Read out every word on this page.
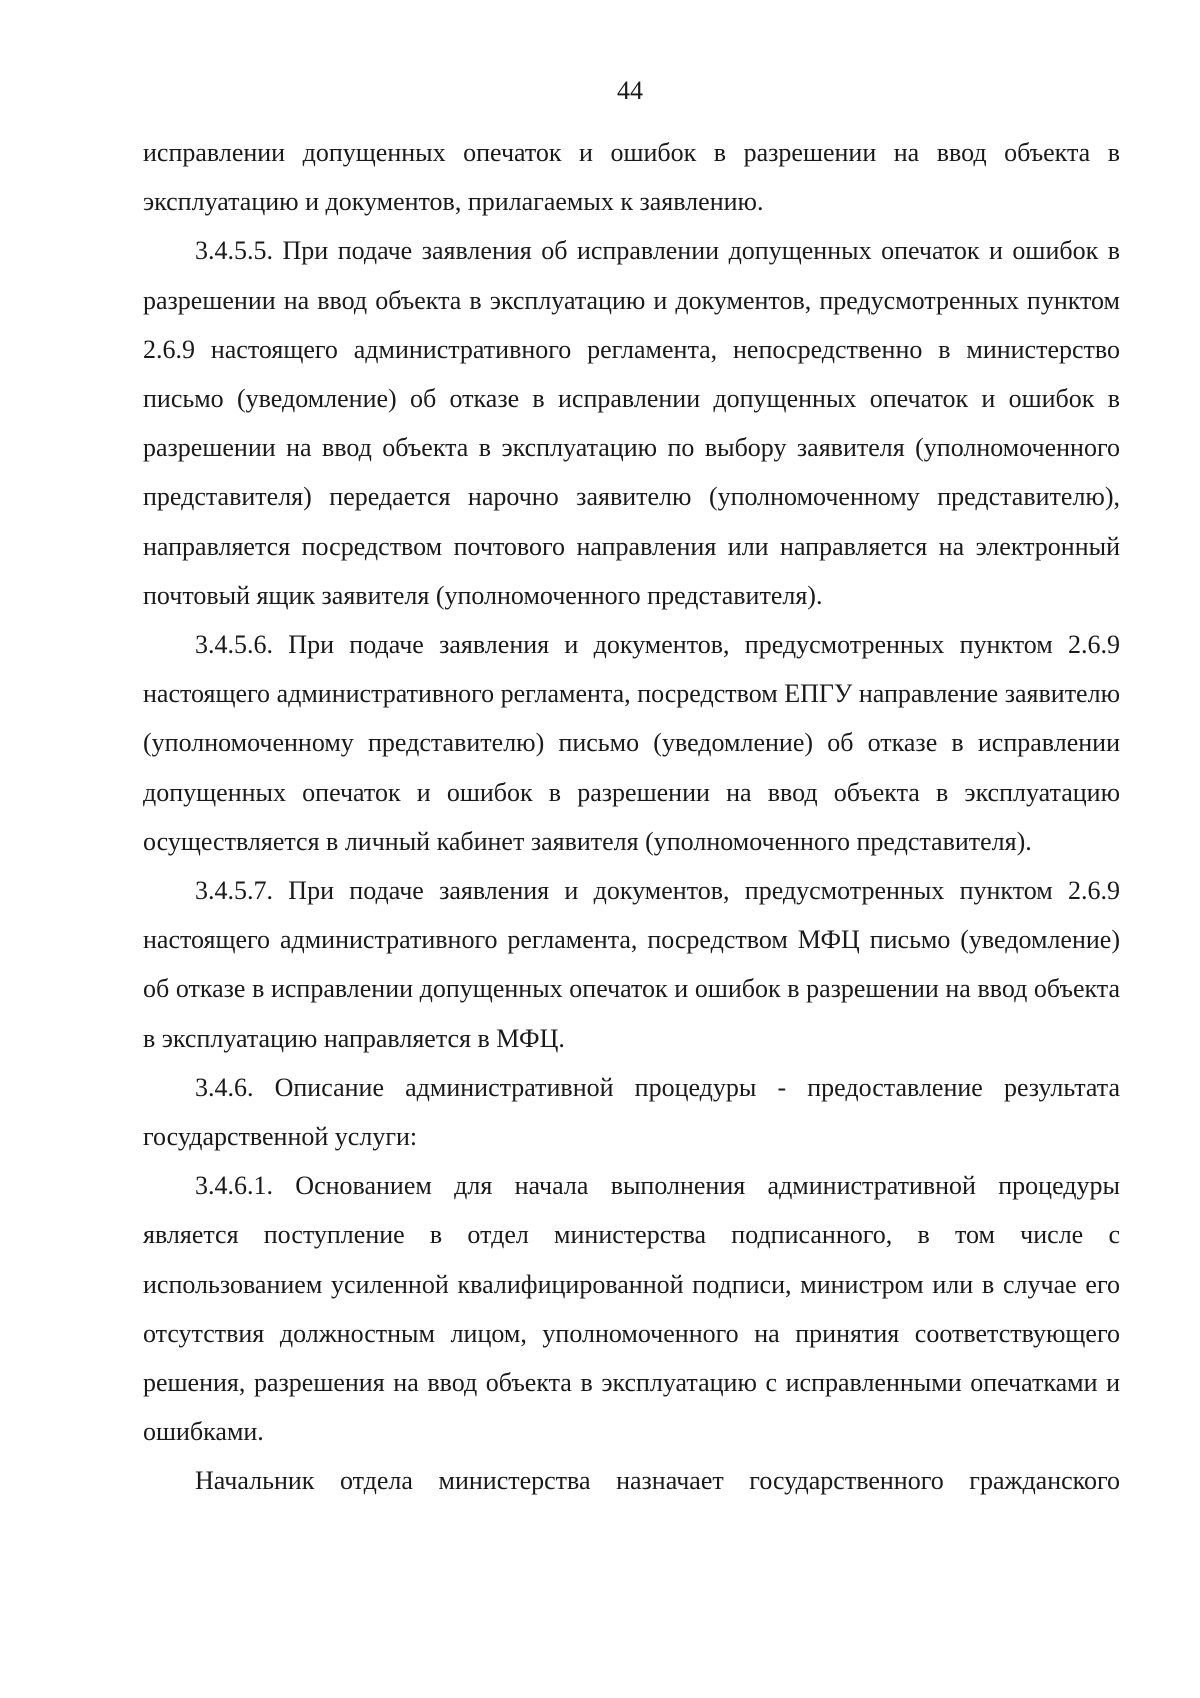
44

исправлении допущенных опечаток и ошибок в разрешении на ввод объекта в эксплуатацию и документов, прилагаемых к заявлению.

3.4.5.5. При подаче заявления об исправлении допущенных опечаток и ошибок в разрешении на ввод объекта в эксплуатацию и документов, предусмотренных пунктом 2.6.9 настоящего административного регламента, непосредственно в министерство письмо (уведомление) об отказе в исправлении допущенных опечаток и ошибок в разрешении на ввод объекта в эксплуатацию по выбору заявителя (уполномоченного представителя) передается нарочно заявителю (уполномоченному представителю), направляется посредством почтового направления или направляется на электронный почтовый ящик заявителя (уполномоченного представителя).

3.4.5.6. При подаче заявления и документов, предусмотренных пунктом 2.6.9 настоящего административного регламента, посредством ЕПГУ направление заявителю (уполномоченному представителю) письмо (уведомление) об отказе в исправлении допущенных опечаток и ошибок в разрешении на ввод объекта в эксплуатацию осуществляется в личный кабинет заявителя (уполномоченного представителя).

3.4.5.7. При подаче заявления и документов, предусмотренных пунктом 2.6.9 настоящего административного регламента, посредством МФЦ письмо (уведомление) об отказе в исправлении допущенных опечаток и ошибок в разрешении на ввод объекта в эксплуатацию направляется в МФЦ.

3.4.6. Описание административной процедуры - предоставление результата государственной услуги:

3.4.6.1. Основанием для начала выполнения административной процедуры является поступление в отдел министерства подписанного, в том числе с использованием усиленной квалифицированной подписи, министром или в случае его отсутствия должностным лицом, уполномоченного на принятия соответствующего решения, разрешения на ввод объекта в эксплуатацию с исправленными опечатками и ошибками.

Начальник отдела министерства назначает государственного гражданского
